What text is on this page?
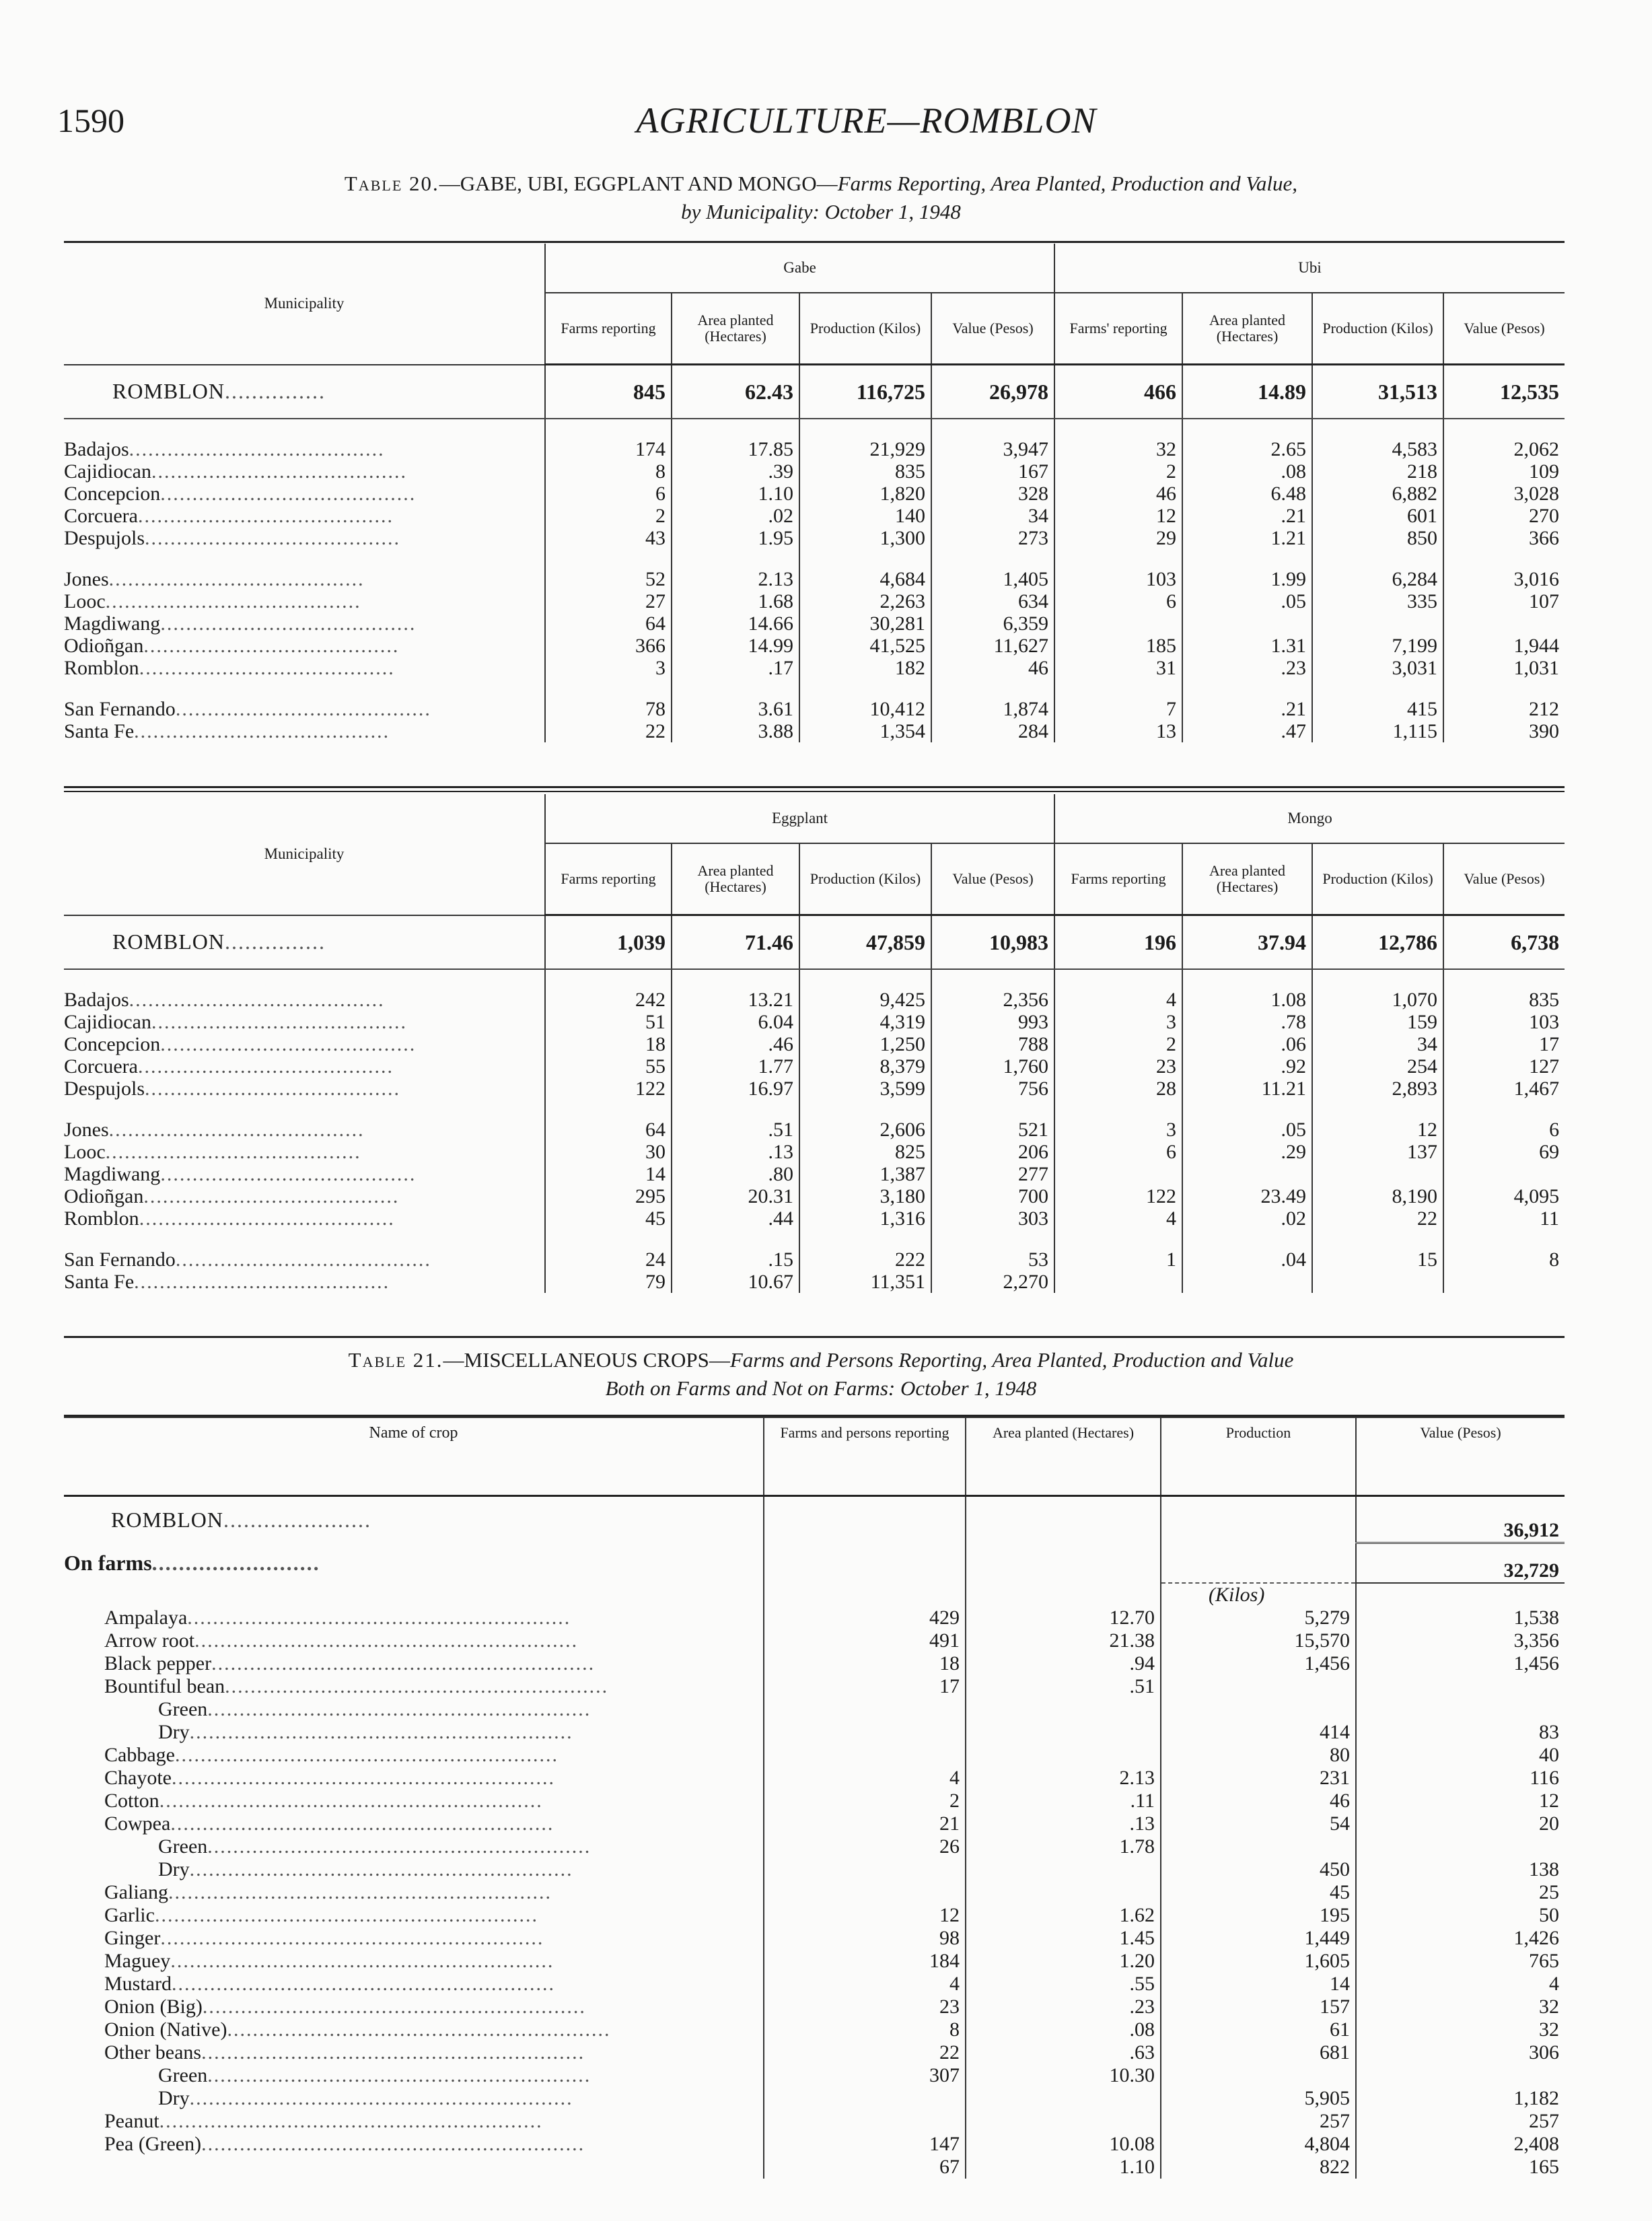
1590	AGRICULTURE—ROMBLON
Table 20.—GABE, UBI, EGGPLANT AND MONGO—Farms Reporting, Area Planted, Production and Value,
by Municipality: October 1, 1948
Municipality	Gabe				Ubi			
	Farms reporting	Area planted (Hectares)	Production (Kilos)	Value (Pesos)	Farms' reporting	Area planted (Hectares)	Production (Kilos)	Value (Pesos)
ROMBLON...............	845	62.43	116,725	26,978	466	14.89	31,513	12,535
Badajos........................................	174	17.85	21,929	3,947	32	2.65	4,583	2,062
Cajidiocan........................................	8	.39	835	167	2	.08	218	109
Concepcion........................................	6	1.10	1,820	328	46	6.48	6,882	3,028
Corcuera........................................	2	.02	140	34	12	.21	601	270
Despujols........................................	43	1.95	1,300	273	29	1.21	850	366
Jones........................................	52	2.13	4,684	1,405	103	1.99	6,284	3,016
Looc........................................	27	1.68	2,263	634	6	.05	335	107
Magdiwang........................................	64	14.66	30,281	6,359				
Odioñgan........................................	366	14.99	41,525	11,627	185	1.31	7,199	1,944
Romblon........................................	3	.17	182	46	31	.23	3,031	1,031
San Fernando........................................	78	3.61	10,412	1,874	7	.21	415	212
Santa Fe........................................	22	3.88	1,354	284	13	.47	1,115	390
Municipality	Eggplant				Mongo			
	Farms reporting	Area planted (Hectares)	Production (Kilos)	Value (Pesos)	Farms reporting	Area planted (Hectares)	Production (Kilos)	Value (Pesos)
ROMBLON...............	1,039	71.46	47,859	10,983	196	37.94	12,786	6,738
Badajos........................................	242	13.21	9,425	2,356	4	1.08	1,070	835
Cajidiocan........................................	51	6.04	4,319	993	3	.78	159	103
Concepcion........................................	18	.46	1,250	788	2	.06	34	17
Corcuera........................................	55	1.77	8,379	1,760	23	.92	254	127
Despujols........................................	122	16.97	3,599	756	28	11.21	2,893	1,467
Jones........................................	64	.51	2,606	521	3	.05	12	6
Looc........................................	30	.13	825	206	6	.29	137	69
Magdiwang........................................	14	.80	1,387	277				
Odioñgan........................................	295	20.31	3,180	700	122	23.49	8,190	4,095
Romblon........................................	45	.44	1,316	303	4	.02	22	11
San Fernando........................................	24	.15	222	53	1	.04	15	8
Santa Fe........................................	79	10.67	11,351	2,270				
Table 21.—MISCELLANEOUS CROPS—Farms and Persons Reporting, Area Planted, Production and Value
Both on Farms and Not on Farms: October 1, 1948
Name of crop	Farms and persons reporting	Area planted (Hectares)	Production	Value (Pesos)
ROMBLON......................				36,912
On farms.........................				32,729
			(Kilos)	
Ampalaya............................................................	429	12.70	5,279	1,538
Arrow root............................................................	491	21.38	15,570	3,356
Black pepper............................................................	18	.94	1,456	1,456
Bountiful bean............................................................	17	.51		
Green............................................................				
Dry............................................................			414	83
Cabbage............................................................			80	40
Chayote............................................................	4	2.13	231	116
Cotton............................................................	2	.11	46	12
Cowpea............................................................	21	.13	54	20
Green............................................................	26	1.78		
Dry............................................................			450	138
Galiang............................................................			45	25
Garlic............................................................	12	1.62	195	50
Ginger............................................................	98	1.45	1,449	1,426
Maguey............................................................	184	1.20	1,605	765
Mustard............................................................	4	.55	14	4
Onion (Big)............................................................	23	.23	157	32
Onion (Native)............................................................	8	.08	61	32
Other beans............................................................	22	.63	681	306
Green............................................................	307	10.30		
Dry............................................................			5,905	1,182
Peanut............................................................			257	257
Pea (Green)............................................................	147	10.08	4,804	2,408
	67	1.10	822	165
